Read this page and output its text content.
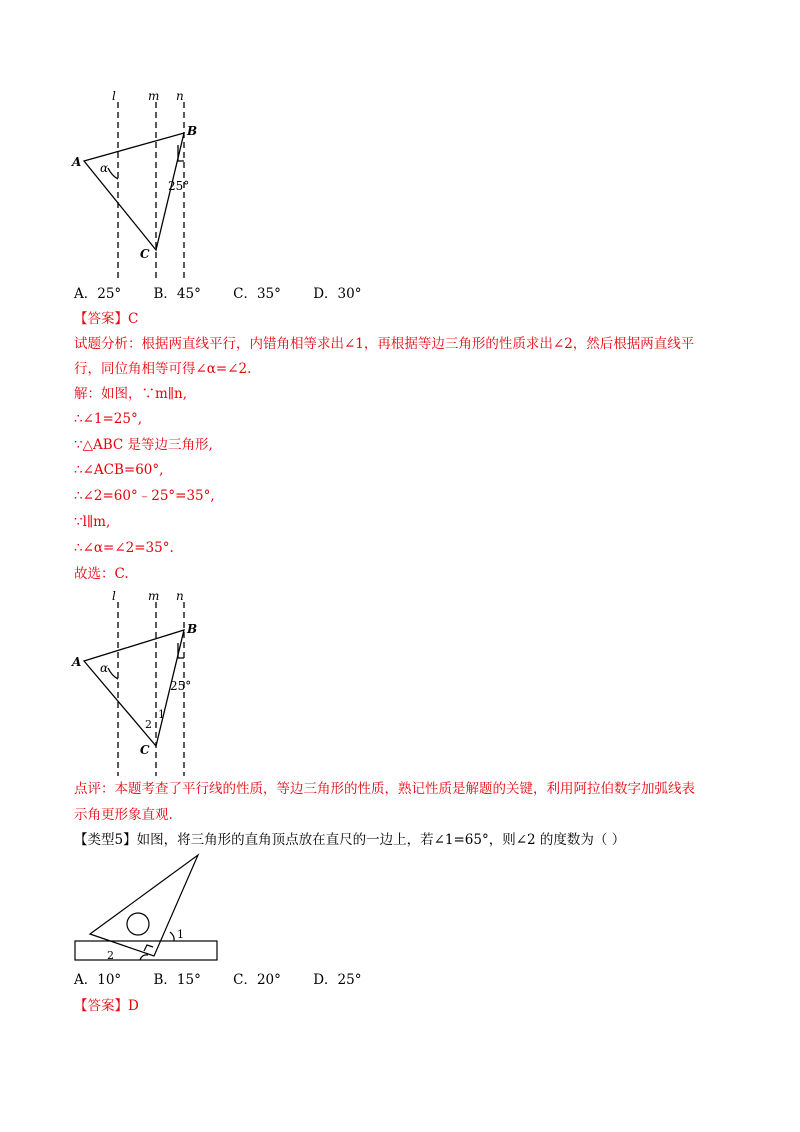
l	m n
A
B
C
α
25°
A．25° B．45° C．35° D．30°
【答案】C
试题分析：根据两直线平行，内错角相等求出∠1，再根据等边三角形的性质求出∠2，然后根据两直线平
行，同位角相等可得∠α=∠2.
解：如图，∵m∥n,
∴∠1=25°,
∵△ABC 是等边三角形,
∴∠ACB=60°,
∴∠2=60°﹣25°=35°,
∵l∥m,
∴∠α=∠2=35°.
故选：C.
l	m n
A
B
C
α
25°
1
2
点评：本题考查了平行线的性质，等边三角形的性质，熟记性质是解题的关键，利用阿拉伯数字加弧线表
示角更形象直观.
【类型5】如图，将三角形的直角顶点放在直尺的一边上，若∠1=65°，则∠2 的度数为（ ）
1
2
A．10° B．15° C．20° D．25°
【答案】D
